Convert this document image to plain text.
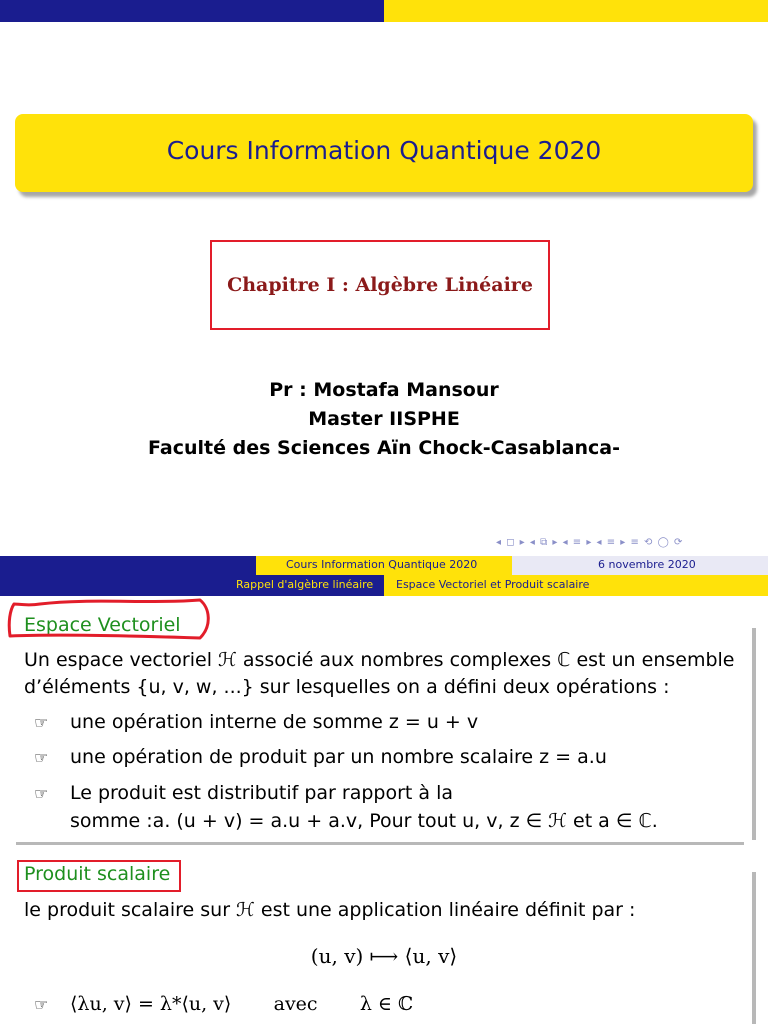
Cours Information Quantique 2020
Chapitre I : Algèbre Linéaire
Pr : Mostafa Mansour
Master IISPHE
Faculté des Sciences Aïn Chock-Casablanca-
◂ ◻ ▸ ◂ ⧉ ▸ ◂ ≡ ▸ ◂ ≡ ▸ ≡ ⟲ ◯ ⟳
Cours Information Quantique 2020	6 novembre 2020
Rappel d'algèbre linéaire Espace Vectoriel et Produit scalaire
Espace Vectoriel
Un espace vectoriel ℋ associé aux nombres complexes ℂ est un ensemble
d’éléments {u, v, w, ...} sur lesquelles on a défini deux opérations :
☞ une opération interne de somme z = u + v
☞ une opération de produit par un nombre scalaire z = a.u
☞ Le produit est distributif par rapport à la
somme :a. (u + v) = a.u + a.v, Pour tout u, v, z ∈ ℋ et a ∈ ℂ.
Produit scalaire
le produit scalaire sur ℋ est une application linéaire définit par :
(u, v) ⟼ ⟨u, v⟩
☞ ⟨λu, v⟩ = λ*⟨u, v⟩       avec       λ ∈ ℂ
